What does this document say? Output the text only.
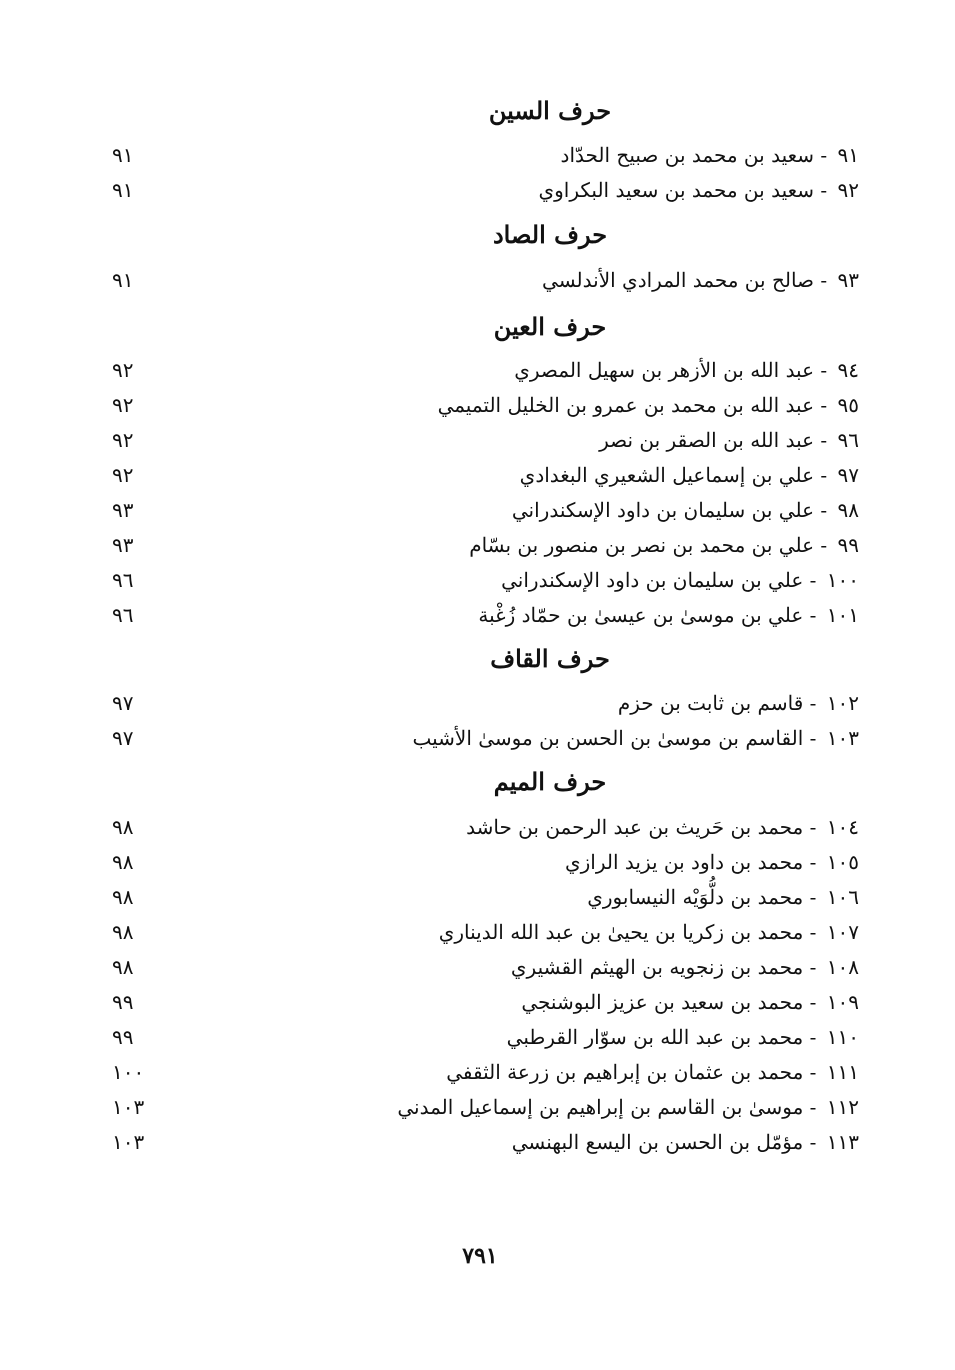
حرف السين
٩١ - سعيد بن محمد بن صبيح الحدّاد
٩١
٩٢ - سعيد بن محمد بن سعيد البكراوي
٩١
حرف الصاد
٩٣ - صالح بن محمد المرادي الأندلسي
٩١
حرف العين
٩٤ - عبد الله بن الأزهر بن سهيل المصري
٩٢
٩٥ - عبد الله بن محمد بن عمرو بن الخليل التميمي
٩٢
٩٦ - عبد الله بن الصقر بن نصر
٩٢
٩٧ - علي بن إسماعيل الشعيري البغدادي
٩٢
٩٨ - علي بن سليمان بن داود الإسكندراني
٩٣
٩٩ - علي بن محمد بن نصر بن منصور بن بسّام
٩٣
١٠٠ - علي بن سليمان بن داود الإسكندراني
٩٦
١٠١ - علي بن موسىٰ بن عيسىٰ بن حمّاد زُغْبة
٩٦
حرف القاف
١٠٢ - قاسم بن ثابت بن حزم
٩٧
١٠٣ - القاسم بن موسىٰ بن الحسن بن موسىٰ الأشيب
٩٧
حرف الميم
١٠٤ - محمد بن حَريث بن عبد الرحمن بن حاشد
٩٨
١٠٥ - محمد بن داود بن يزيد الرازي
٩٨
١٠٦ - محمد بن دلُّوَيْه النيسابوري
٩٨
١٠٧ - محمد بن زكريا بن يحيىٰ بن عبد الله الديناري
٩٨
١٠٨ - محمد بن زنجويه بن الهيثم القشيري
٩٨
١٠٩ - محمد بن سعيد بن عزيز البوشنجي
٩٩
١١٠ - محمد بن عبد الله بن سوّار القرطبي
٩٩
١١١ - محمد بن عثمان بن إبراهيم بن زرعة الثقفي
١٠٠
١١٢ - موسىٰ بن القاسم بن إبراهيم بن إسماعيل المدني
١٠٣
١١٣ - مؤمّل بن الحسن بن اليسع البهنسي
١٠٣
٧٩١
